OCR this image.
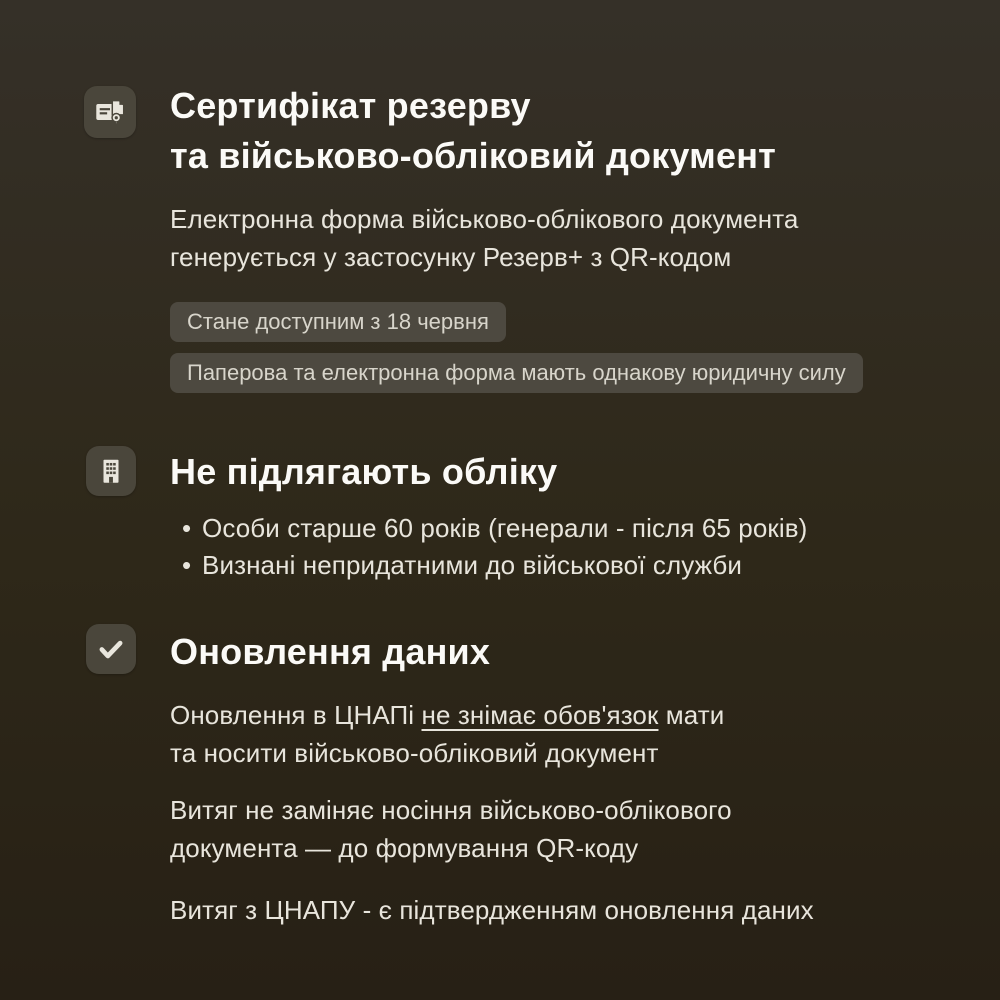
Сертифікат резерву
та військово-обліковий документ
Електронна форма військово-облікового документа
генерується у застосунку Резерв+ з QR-кодом
Стане доступним з 18 червня
Паперова та електронна форма мають однакову юридичну силу
Не підлягають обліку
• Особи старше 60 років (генерали - після 65 років)
• Визнані непридатними до військової служби
Оновлення даних
Оновлення в ЦНАПі не знімає обов'язок мати
та носити військово-обліковий документ
Витяг не заміняє носіння військово-облікового
документа — до формування QR-коду
Витяг з ЦНАПУ - є підтвердженням оновлення даних
